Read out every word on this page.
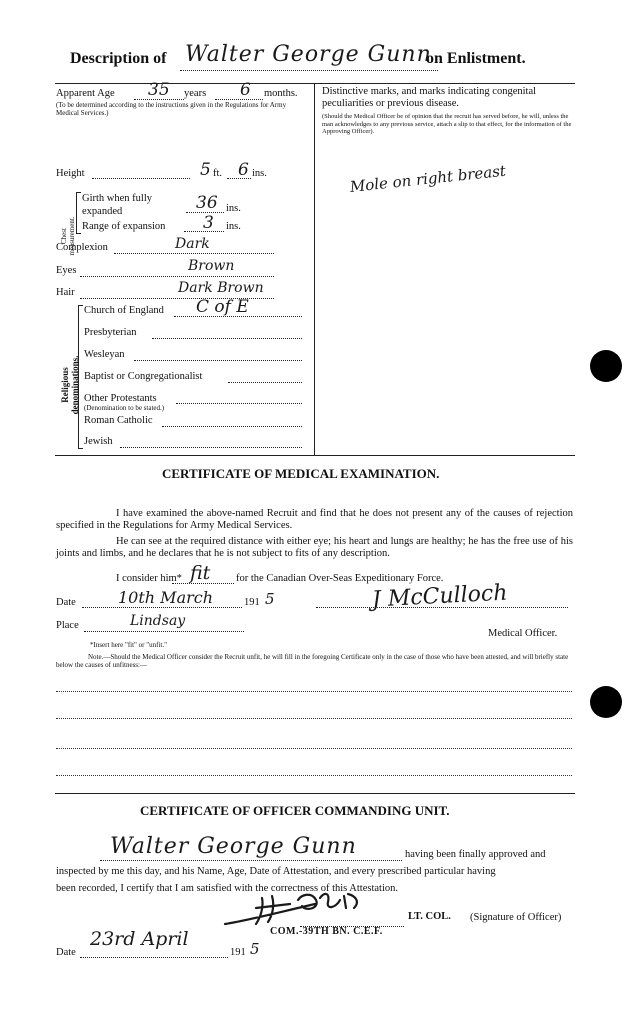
Description of Walter George Gunn
on Enlistment.
Apparent Age 35 years 6 months.
(To be determined according to the instructions given in the Regulations for Army Medical Services.)
Height	5 ft. 6 ins.
Chest measurement.
Girth when fully expanded	36 ins.
Range of expansion 3 ins.
Complexion	Dark
Eyes	Brown
Hair	Dark Brown
Religious denominations.
Church of England C of E
Presbyterian
Wesleyan
Baptist or Congregationalist
Other Protestants
(Denomination to be stated.)
Roman Catholic
Jewish
Distinctive marks, and marks indicating congenital peculiarities or previous disease.
(Should the Medical Officer be of opinion that the recruit has served before, he will, unless the man acknowledges to any previous service, attach a slip to that effect, for the information of the Approving Officer).
Mole on right breast
CERTIFICATE OF MEDICAL EXAMINATION.
I have examined the above-named Recruit and find that he does not present any of the causes of rejection specified in the Regulations for Army Medical Services.
He can see at the required distance with either eye; his heart and lungs are healthy; he has the free use of his joints and limbs, and he declares that he is not subject to fits of any description.
I consider him* fit for the Canadian Over-Seas Expeditionary Force.
Date	10th March	191 5	J McCulloch
Place	Lindsay
Medical Officer.
*Insert here "fit" or "unfit."
Note.—Should the Medical Officer consider the Recruit unfit, he will fill in the foregoing Certificate only in the case of those who have been attested, and will briefly state below the causes of unfitness:—
CERTIFICATE OF OFFICER COMMANDING UNIT.
Walter George Gunn	having been finally approved and
inspected by me this day, and his Name, Age, Date of Attestation, and every prescribed particular having
been recorded, I certify that I am satisfied with the correctness of this Attestation.
LT. COL. (Signature of Officer)
COM.-39TH BN. C.E.F.
Date
23rd April
191 5
